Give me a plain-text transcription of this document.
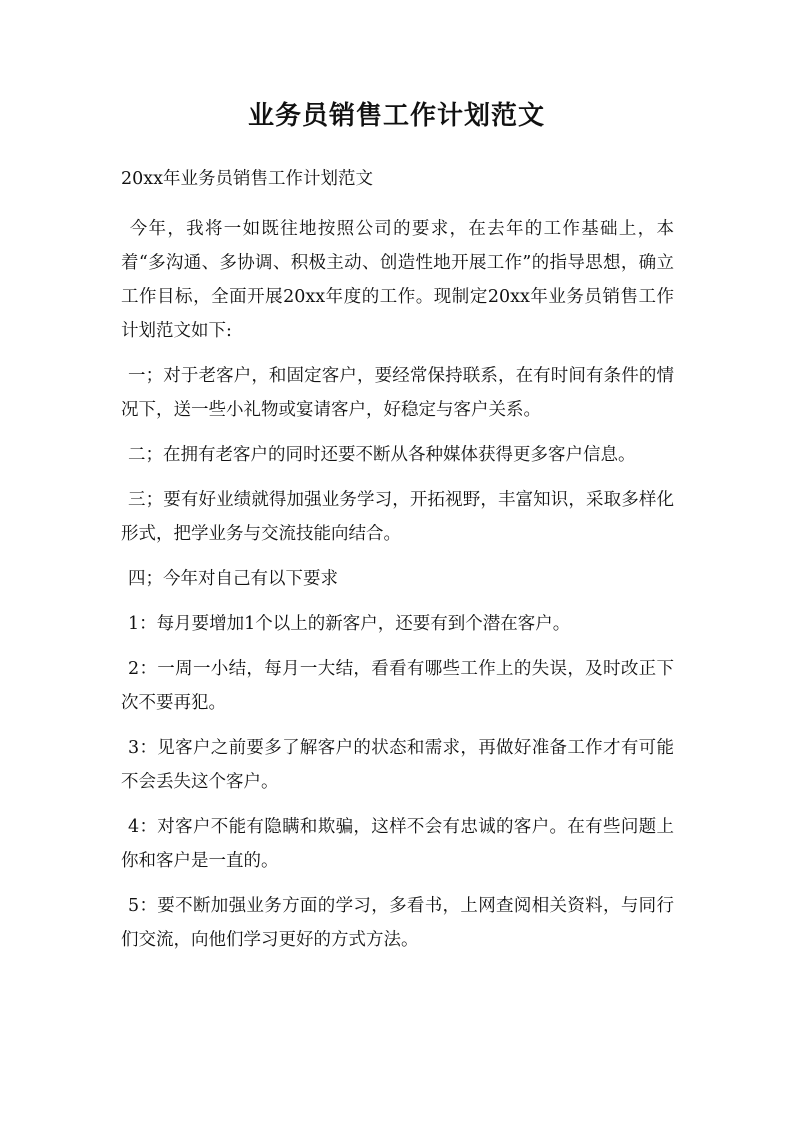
业务员销售工作计划范文

20xx年业务员销售工作计划范文

今年，我将一如既往地按照公司的要求，在去年的工作基础上，本着“多沟通、多协调、积极主动、创造性地开展工作”的指导思想，确立工作目标，全面开展20xx年度的工作。现制定20xx年业务员销售工作计划范文如下:

一；对于老客户，和固定客户，要经常保持联系，在有时间有条件的情况下，送一些小礼物或宴请客户，好稳定与客户关系。

二；在拥有老客户的同时还要不断从各种媒体获得更多客户信息。

三；要有好业绩就得加强业务学习，开拓视野，丰富知识，采取多样化形式，把学业务与交流技能向结合。

四；今年对自己有以下要求

1：每月要增加1个以上的新客户，还要有到个潜在客户。

2：一周一小结，每月一大结，看看有哪些工作上的失误，及时改正下次不要再犯。

3：见客户之前要多了解客户的状态和需求，再做好准备工作才有可能不会丢失这个客户。

4：对客户不能有隐瞒和欺骗，这样不会有忠诚的客户。在有些问题上你和客户是一直的。

5：要不断加强业务方面的学习，多看书，上网查阅相关资料，与同行们交流，向他们学习更好的方式方法。
